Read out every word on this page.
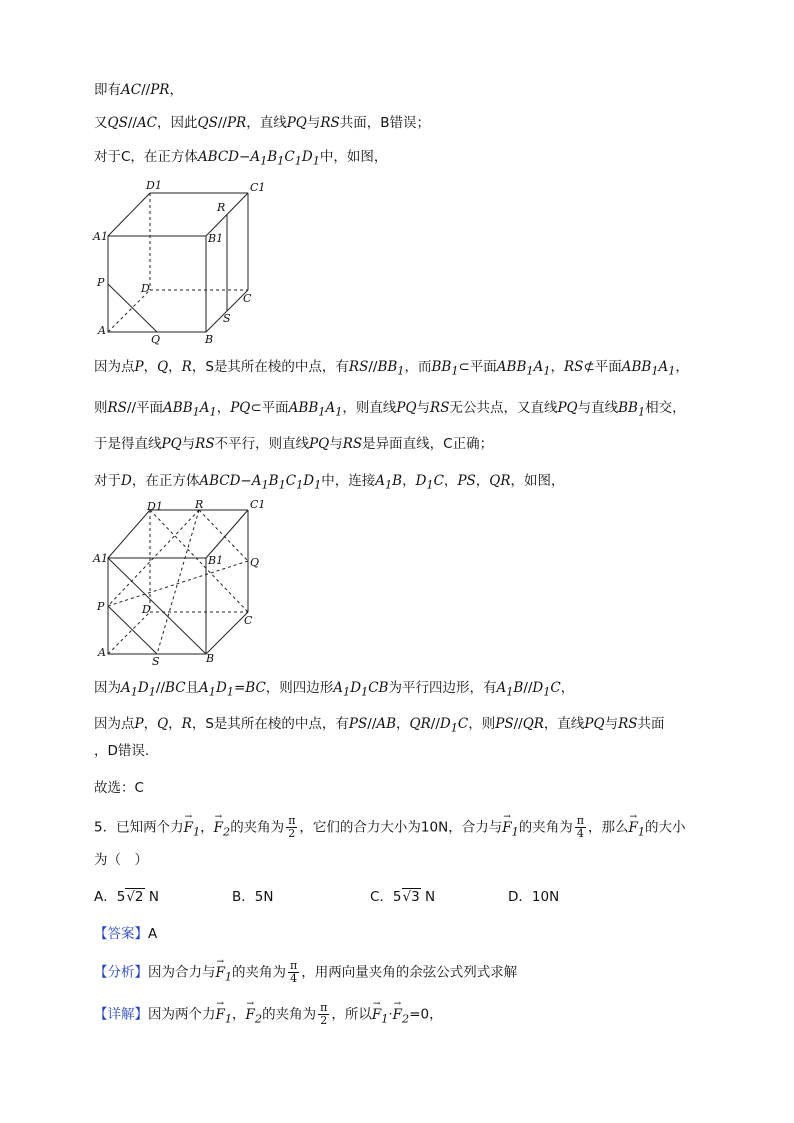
即有AC//PR，
又QS//AC，因此QS//PR，直线PQ与RS共面，B错误；
对于C，在正方体$ABCD-A_1B_1C_1D_1$中，如图，
D1	C1
R
A1	B1
P	D
C
S
A
Q	B
因为点P，Q，R，S是其所在棱的中点，有$RS//BB_1$，而$BB_1\subset$平面$ABB_1A_1$，RS⊄平面$ABB_1A_1$，
则RS//平面$ABB_1A_1$，PQ⊂平面$ABB_1A_1$，则直线PQ与RS无公共点，又直线PQ与直线$BB_1$相交，
于是得直线PQ与RS不平行，则直线PQ与RS是异面直线，C正确；
对于D，在正方体$ABCD-A_1B_1C_1D_1$中，连接$A_1B$，$D_1C$，PS，QR，如图，
D1	R	C1
A1	B1 Q
P	D
C
A
S	B
因为$A_1D_1//BC$且$A_1D_1=BC$，则四边形$A_1D_1CB$为平行四边形，有$A_1B//D_1C$，
因为点P，Q，R，S是其所在棱的中点，有PS//AB，$QR//D_1C$，则PS//QR，直线PQ与RS共面
，D错误.
故选：C
5．已知两个力→ $F_1$，→ $F_2$的夹角为 $\frac{\pi}{2}$ ，它们的合力大小为10N，合力与→ $F_1$的夹角为 $\frac{\pi}{4}$ ，那么→ $F_1$的大小
为（　）
A．5√2 N	B．5N	C．5√3 N	D．10N
【答案】A
【分析】因为合力与→ $F_1$的夹角为 $\frac{\pi}{4}$ ，用两向量夹角的余弦公式列式求解
【详解】因为两个力→ $F_1$，→ $F_2$的夹角为 $\frac{\pi}{2}$ ，所以→ $F_1\cdot\to F_2=0$，
